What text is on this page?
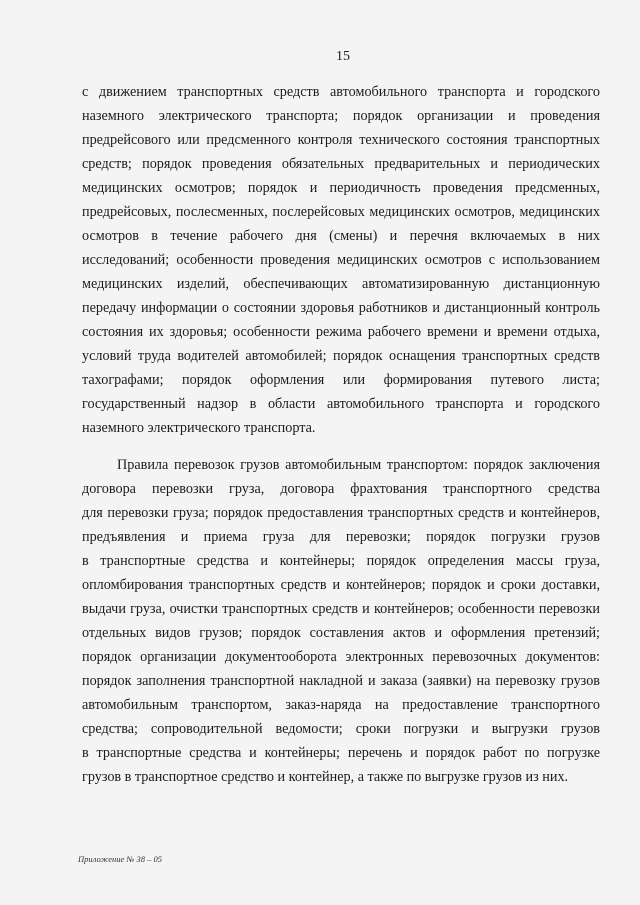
15
с движением транспортных средств автомобильного транспорта и городского
наземного электрического транспорта; порядок организации и проведения
предрейсового или предсменного контроля технического состояния транспортных
средств; порядок проведения обязательных предварительных и периодических
медицинских осмотров; порядок и периодичность проведения предсменных,
предрейсовых, послесменных, послерейсовых медицинских осмотров, медицинских
осмотров в течение рабочего дня (смены) и перечня включаемых в них
исследований; особенности проведения медицинских осмотров с использованием
медицинских изделий, обеспечивающих автоматизированную дистанционную
передачу информации о состоянии здоровья работников и дистанционный контроль
состояния их здоровья; особенности режима рабочего времени и времени отдыха,
условий труда водителей автомобилей; порядок оснащения транспортных средств
тахографами; порядок оформления или формирования путевого листа;
государственный надзор в области автомобильного транспорта и городского
наземного электрического транспорта.
Правила перевозок грузов автомобильным транспортом: порядок заключения
договора перевозки груза, договора фрахтования транспортного средства
для перевозки груза; порядок предоставления транспортных средств и контейнеров,
предъявления и приема груза для перевозки; порядок погрузки грузов
в транспортные средства и контейнеры; порядок определения массы груза,
опломбирования транспортных средств и контейнеров; порядок и сроки доставки,
выдачи груза, очистки транспортных средств и контейнеров; особенности перевозки
отдельных видов грузов; порядок составления актов и оформления претензий;
порядок организации документооборота электронных перевозочных документов:
порядок заполнения транспортной накладной и заказа (заявки) на перевозку грузов
автомобильным транспортом, заказ-наряда на предоставление транспортного
средства; сопроводительной ведомости; сроки погрузки и выгрузки грузов
в транспортные средства и контейнеры; перечень и порядок работ по погрузке
грузов в транспортное средство и контейнер, а также по выгрузке грузов из них.
Приложение № 38 – 05
